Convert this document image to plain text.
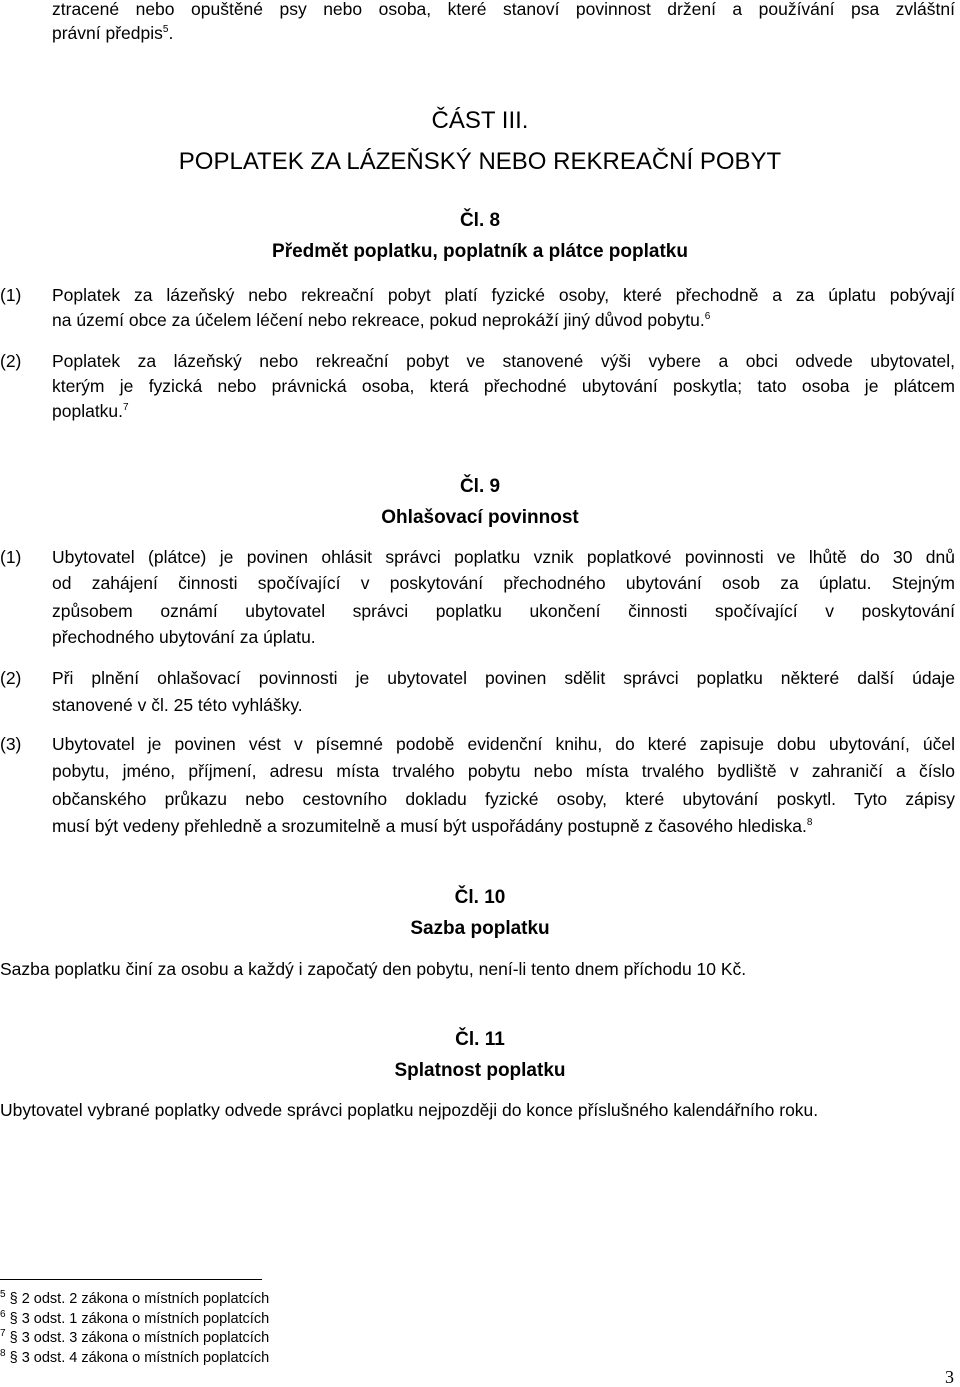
ztracené nebo opuštěné psy nebo osoba, které stanoví povinnost držení a používání psa zvláštní
právní předpis$^5$.
ČÁST III.
POPLATEK ZA LÁZEŇSKÝ NEBO REKREAČNÍ POBYT
Čl. 8
Předmět poplatku, poplatník a plátce poplatku
(1) Poplatek za lázeňský nebo rekreační pobyt platí fyzické osoby, které přechodně a za úplatu pobývají
na území obce za účelem léčení nebo rekreace, pokud neprokáží jiný důvod pobytu.$^6$
(2) Poplatek za lázeňský nebo rekreační pobyt ve stanovené výši vybere a obci odvede ubytovatel,
kterým je fyzická nebo právnická osoba, která přechodné ubytování poskytla; tato osoba je plátcem
poplatku.$^7$
Čl. 9
Ohlašovací povinnost
(1) Ubytovatel (plátce) je povinen ohlásit správci poplatku vznik poplatkové povinnosti ve lhůtě do 30 dnů
od zahájení činnosti spočívající v poskytování přechodného ubytování osob za úplatu. Stejným
způsobem oznámí ubytovatel správci poplatku ukončení činnosti spočívající v poskytování
přechodného ubytování za úplatu.
(2) Při plnění ohlašovací povinnosti je ubytovatel povinen sdělit správci poplatku některé další údaje
stanovené v čl. 25 této vyhlášky.
(3) Ubytovatel je povinen vést v písemné podobě evidenční knihu, do které zapisuje dobu ubytování, účel
pobytu, jméno, příjmení, adresu místa trvalého pobytu nebo místa trvalého bydliště v zahraničí a číslo
občanského průkazu nebo cestovního dokladu fyzické osoby, které ubytování poskytl. Tyto zápisy
musí být vedeny přehledně a srozumitelně a musí být uspořádány postupně z časového hlediska.$^8$
Čl. 10
Sazba poplatku
Sazba poplatku činí za osobu a každý i započatý den pobytu, není-li tento dnem příchodu 10 Kč.
Čl. 11
Splatnost poplatku
Ubytovatel vybrané poplatky odvede správci poplatku nejpozději do konce příslušného kalendářního roku.
$^5$ § 2 odst. 2 zákona o místních poplatcích
$^6$ § 3 odst. 1 zákona o místních poplatcích
$^7$ § 3 odst. 3 zákona o místních poplatcích
$^8$ § 3 odst. 4 zákona o místních poplatcích
3
